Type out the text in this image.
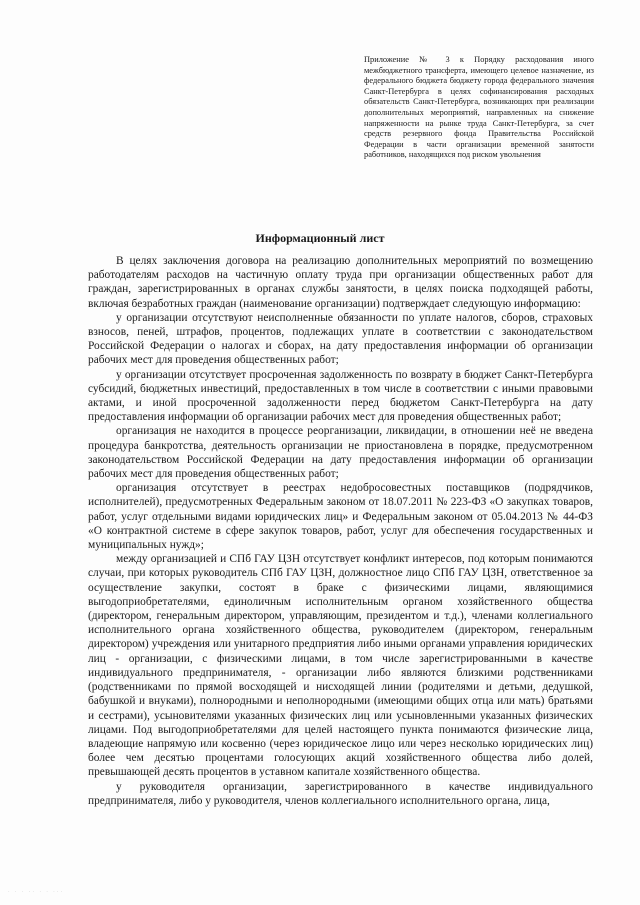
Приложение № 3 к Порядку расходования иного межбюджетного трансферта, имеющего целевое назначение, из федерального бюджета бюджету города федерального значения Санкт-Петербурга в целях софинансирования расходных обязательств Санкт-Петербурга, возникающих при реализации дополнительных мероприятий, направленных на снижение напряженности на рынке труда Санкт-Петербурга, за счет средств резервного фонда Правительства Российской Федерации в части организации временной занятости работников, находящихся под риском увольнения
Информационный лист

В целях заключения договора на реализацию дополнительных мероприятий по возмещению работодателям расходов на частичную оплату труда при организации общественных работ для граждан, зарегистрированных в органах службы занятости, в целях поиска подходящей работы, включая безработных граждан (наименование организации) подтверждает следующую информацию:

у организации отсутствуют неисполненные обязанности по уплате налогов, сборов, страховых взносов, пеней, штрафов, процентов, подлежащих уплате в соответствии с законодательством Российской Федерации о налогах и сборах, на дату предоставления информации об организации рабочих мест для проведения общественных работ;

у организации отсутствует просроченная задолженность по возврату в бюджет Санкт-Петербурга субсидий, бюджетных инвестиций, предоставленных в том числе в соответствии с иными правовыми актами, и иной просроченной задолженности перед бюджетом Санкт-Петербурга на дату предоставления информации об организации рабочих мест для проведения общественных работ;

организация не находится в процессе реорганизации, ликвидации, в отношении неё не введена процедура банкротства, деятельность организации не приостановлена в порядке, предусмотренном законодательством Российской Федерации на дату предоставления информации об организации рабочих мест для проведения общественных работ;

организация отсутствует в реестрах недобросовестных поставщиков (подрядчиков, исполнителей), предусмотренных Федеральным законом от 18.07.2011 № 223-ФЗ «О закупках товаров, работ, услуг отдельными видами юридических лиц» и Федеральным законом от 05.04.2013 № 44-ФЗ «О контрактной системе в сфере закупок товаров, работ, услуг для обеспечения государственных и муниципальных нужд»;

между организацией и СПб ГАУ ЦЗН отсутствует конфликт интересов, под которым понимаются случаи, при которых руководитель СПб ГАУ ЦЗН, должностное лицо СПб ГАУ ЦЗН, ответственное за осуществление закупки, состоят в браке с физическими лицами, являющимися выгодоприобретателями, единоличным исполнительным органом хозяйственного общества (директором, генеральным директором, управляющим, президентом и т.д.), членами коллегиального исполнительного органа хозяйственного общества, руководителем (директором, генеральным директором) учреждения или унитарного предприятия либо иными органами управления юридических лиц - организации, с физическими лицами, в том числе зарегистрированными в качестве индивидуального предпринимателя, - организации либо являются близкими родственниками (родственниками по прямой восходящей и нисходящей линии (родителями и детьми, дедушкой, бабушкой и внуками), полнородными и неполнородными (имеющими общих отца или мать) братьями и сестрами), усыновителями указанных физических лиц или усыновленными указанных физических лицами. Под выгодоприобретателями для целей настоящего пункта понимаются физические лица, владеющие напрямую или косвенно (через юридическое лицо или через несколько юридических лиц) более чем десятью процентами голосующих акций хозяйственного общества либо долей, превышающей десять процентов в уставном капитале хозяйственного общества.

у руководителя организации, зарегистрированного в качестве индивидуального предпринимателя, либо у руководителя, членов коллегиального исполнительного органа, лица,

· · · ·· · · ···
